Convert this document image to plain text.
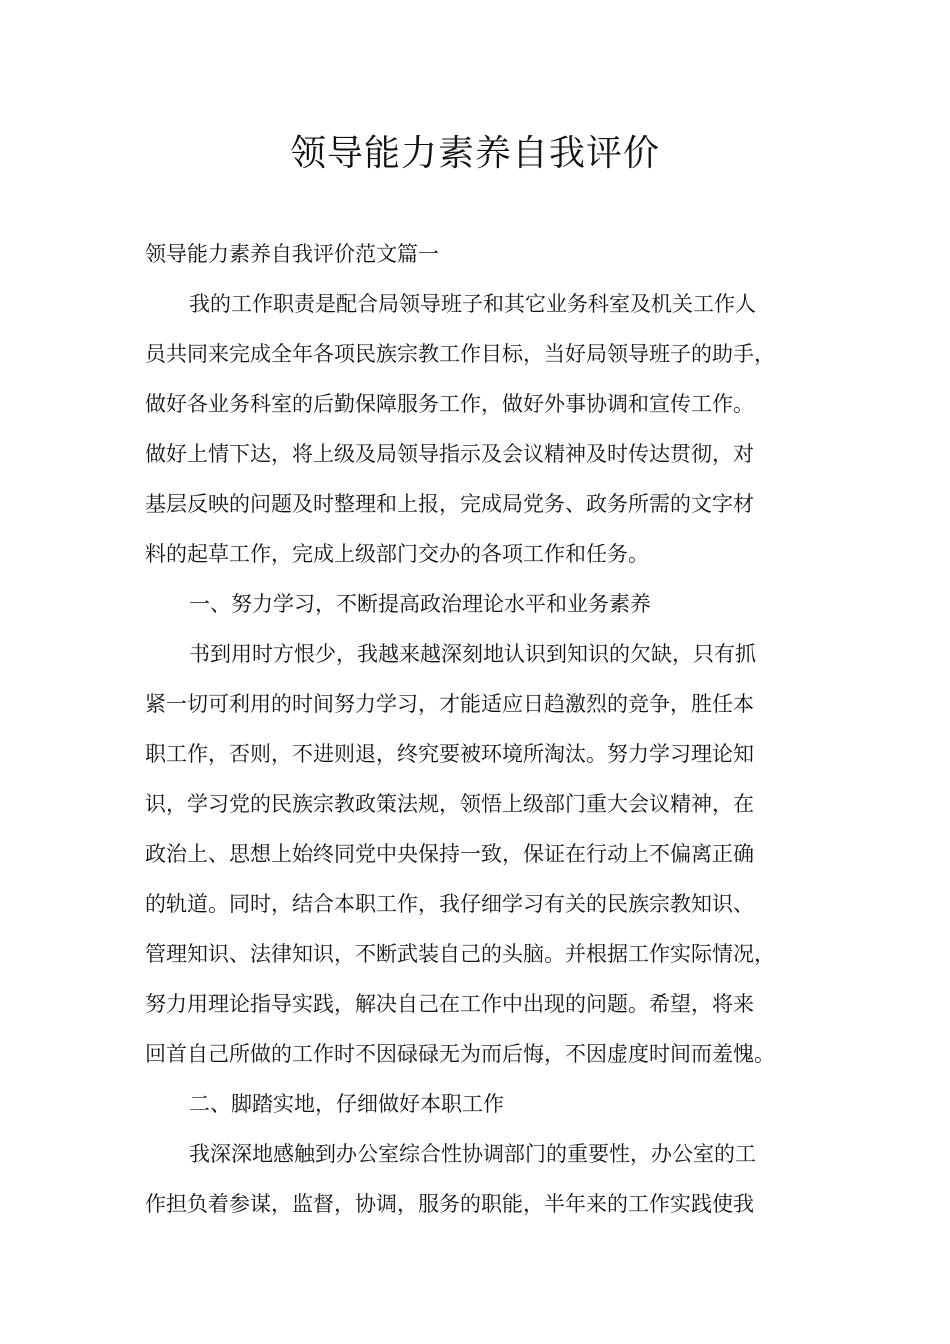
领导能力素养自我评价
领导能力素养自我评价范文篇一
我的工作职责是配合局领导班子和其它业务科室及机关工作人
员共同来完成全年各项民族宗教工作目标，当好局领导班子的助手，
做好各业务科室的后勤保障服务工作，做好外事协调和宣传工作。
做好上情下达，将上级及局领导指示及会议精神及时传达贯彻，对
基层反映的问题及时整理和上报，完成局党务、政务所需的文字材
料的起草工作，完成上级部门交办的各项工作和任务。
一、努力学习，不断提高政治理论水平和业务素养
书到用时方恨少，我越来越深刻地认识到知识的欠缺，只有抓
紧一切可利用的时间努力学习，才能适应日趋激烈的竞争，胜任本
职工作，否则，不进则退，终究要被环境所淘汰。努力学习理论知
识，学习党的民族宗教政策法规，领悟上级部门重大会议精神，在
政治上、思想上始终同党中央保持一致，保证在行动上不偏离正确
的轨道。同时，结合本职工作，我仔细学习有关的民族宗教知识、
管理知识、法律知识，不断武装自己的头脑。并根据工作实际情况，
努力用理论指导实践，解决自己在工作中出现的问题。希望，将来
回首自己所做的工作时不因碌碌无为而后悔，不因虚度时间而羞愧。
二、脚踏实地，仔细做好本职工作
我深深地感触到办公室综合性协调部门的重要性，办公室的工
作担负着参谋，监督，协调，服务的职能，半年来的工作实践使我
